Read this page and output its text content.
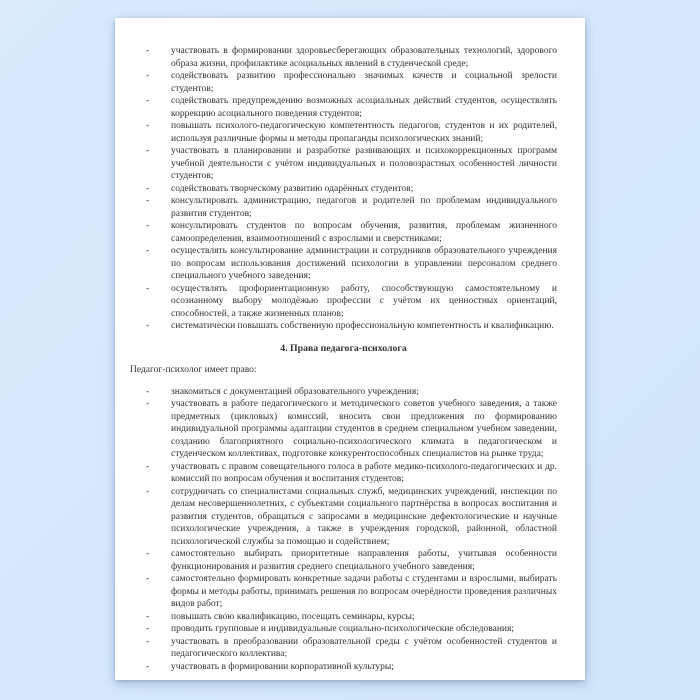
- участвовать в формировании здоровьесберегающих образовательных технологий, здорового образа жизни, профилактике асоциальных явлений в студенческой среде;
- содействовать развитию профессионально значимых качеств и социальной зрелости студентов;
- содействовать предупреждению возможных асоциальных действий студентов, осуществлять коррекцию асоциального поведения студентов;
- повышать психолого-педагогическую компетентность педагогов, студентов и их родителей, используя различные формы и методы пропаганды психологических знаний;
- участвовать в планировании и разработке развивающих и психокоррекционных программ учебной деятельности с учётом индивидуальных и половозрастных особенностей личности студентов;
- содействовать творческому развитию одарённых студентов;
- консультировать администрацию, педагогов и родителей по проблемам индивидуального развития студентов;
- консультировать студентов по вопросам обучения, развития, проблемам жизненного самоопределения, взаимоотношений с взрослыми и сверстниками;
- осуществлять консультирование администрации и сотрудников образовательного учреждения по вопросам использования достижений психологии в управлении персоналом среднего специального учебного заведения;
- осуществлять профориентационную работу, способствующую самостоятельному и осознанному выбору молодёжью профессии с учётом их ценностных ориентаций, способностей, а также жизненных планов;
- систематически повышать собственную профессиональную компетентность и квалификацию.
4. Права педагога-психолога
Педагог-психолог имеет право:
- знакомиться с документацией образовательного учреждения;
- участвовать в работе педагогического и методического советов учебного заведения, а также предметных (цикловых) комиссий, вносить свои предложения по формированию индивидуальной программы адаптации студентов в среднем специальном учебном заведении, созданию благоприятного социально-психологического климата в педагогическом и студенческом коллективах, подготовке конкурентоспособных специалистов на рынке труда;
- участвовать с правом совещательного голоса в работе медико-психолого-педагогических и др. комиссий по вопросам обучения и воспитания студентов;
- сотрудничать со специалистами социальных служб, медицинских учреждений, инспекции по делам несовершеннолетних, с субъектами социального партнёрства в вопросах воспитания и развития студентов, обращаться с запросами в медицинские дефектологические и научные психологические учреждения, а также в учреждения городской, районной, областной психологической службы за помощью и содействием;
- самостоятельно выбирать приоритетные направления работы, учитывая особенности функционирования и развития среднего специального учебного заведения;
- самостоятельно формировать конкретные задачи работы с студентами и взрослыми, выбирать формы и методы работы, принимать решения по вопросам очерёдности проведения различных видов работ;
- повышать свою квалификацию, посещать семинары, курсы;
- проводить групповые и индивидуальные социально-психологические обследования;
- участвовать в преобразовании образовательной среды с учётом особенностей студентов и педагогического коллектива;
- участвовать в формировании корпоративной культуры;
